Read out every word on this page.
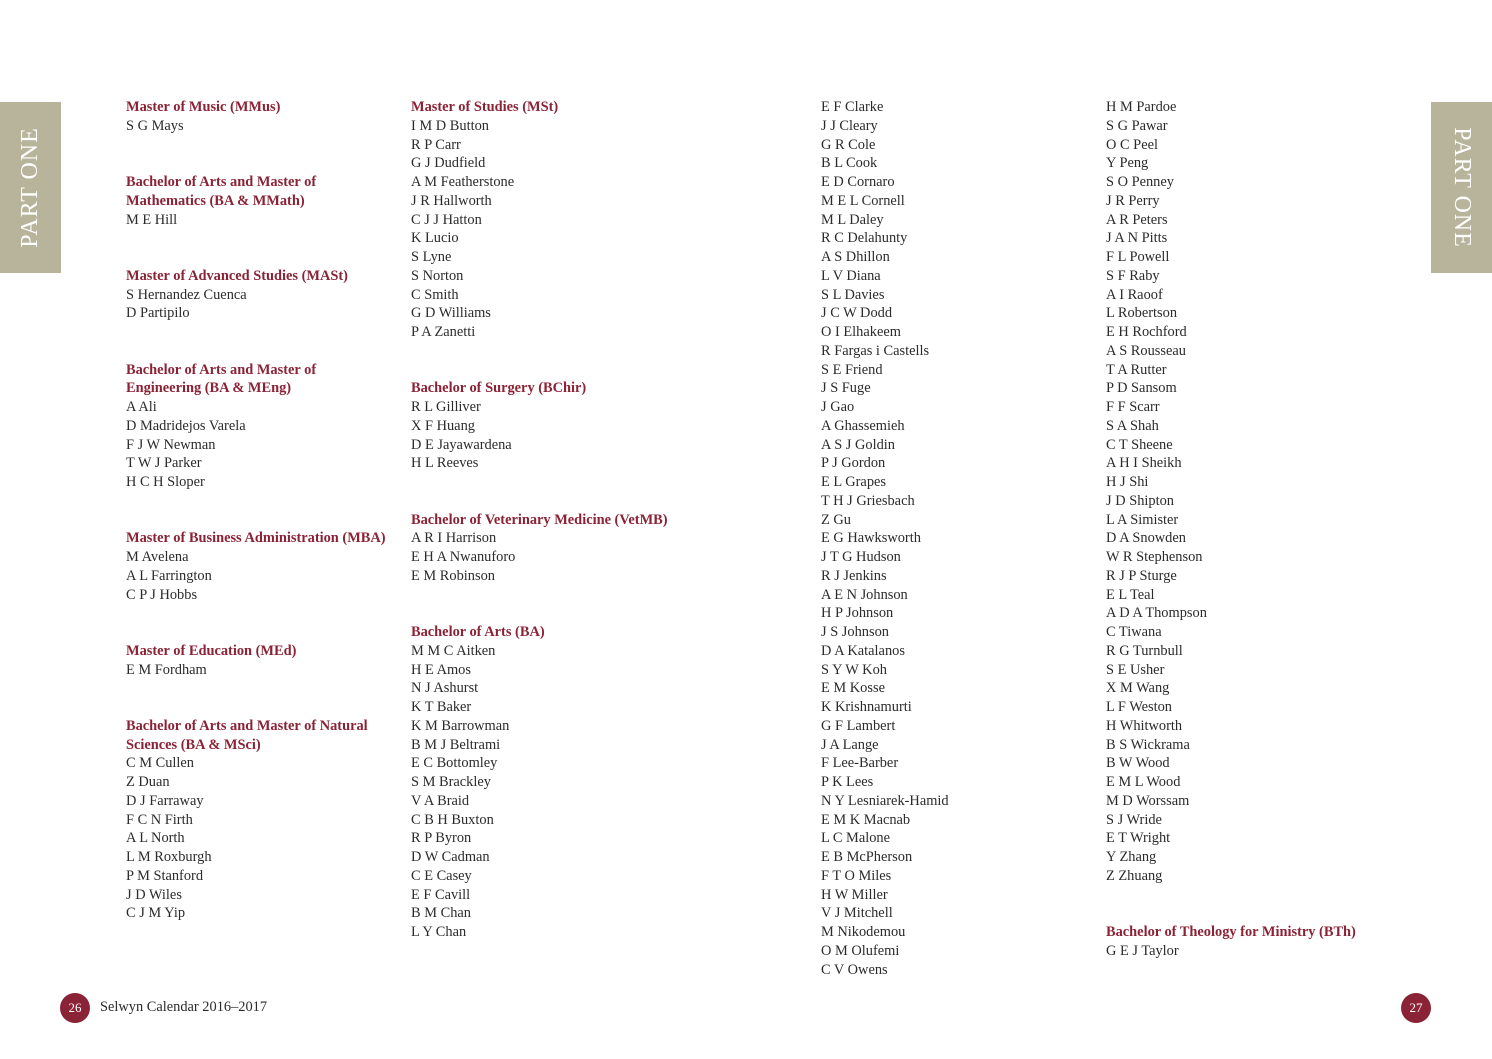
PART ONE	PART ONE
Master of Music (MMus)
S G Mays
Bachelor of Arts and Master of Mathematics (BA & MMath)
M E Hill
Master of Advanced Studies (MASt)
S Hernandez Cuenca
D Partipilo
Bachelor of Arts and Master of Engineering (BA & MEng)
A Ali
D Madridejos Varela
F J W Newman
T W J Parker
H C H Sloper
Master of Business Administration (MBA)
M Avelena
A L Farrington
C P J Hobbs
Master of Education (MEd)
E M Fordham
Bachelor of Arts and Master of Natural Sciences (BA & MSci)
C M Cullen
Z Duan
D J Farraway
F C N Firth
A L North
L M Roxburgh
P M Stanford
J D Wiles
C J M Yip
Master of Studies (MSt)
I M D Button
R P Carr
G J Dudfield
A M Featherstone
J R Hallworth
C J J Hatton
K Lucio
S Lyne
S Norton
C Smith
G D Williams
P A Zanetti
Bachelor of Surgery (BChir)
R L Gilliver
X F Huang
D E Jayawardena
H L Reeves
Bachelor of Veterinary Medicine (VetMB)
A R I Harrison
E H A Nwanuforo
E M Robinson
Bachelor of Arts (BA)
M M C Aitken
H E Amos
N J Ashurst
K T Baker
K M Barrowman
B M J Beltrami
E C Bottomley
S M Brackley
V A Braid
C B H Buxton
R P Byron
D W Cadman
C E Casey
E F Cavill
B M Chan
L Y Chan
E F Clarke
J J Cleary
G R Cole
B L Cook
E D Cornaro
M E L Cornell
M L Daley
R C Delahunty
A S Dhillon
L V Diana
S L Davies
J C W Dodd
O I Elhakeem
R Fargas i Castells
S E Friend
J S Fuge
J Gao
A Ghassemieh
A S J Goldin
P J Gordon
E L Grapes
T H J Griesbach
Z Gu
E G Hawksworth
J T G Hudson
R J Jenkins
A E N Johnson
H P Johnson
J S Johnson
D A Katalanos
S Y W Koh
E M Kosse
K Krishnamurti
G F Lambert
J A Lange
F Lee-Barber
P K Lees
N Y Lesniarek-Hamid
E M K Macnab
L C Malone
E B McPherson
F T O Miles
H W Miller
V J Mitchell
M Nikodemou
O M Olufemi
C V Owens
H M Pardoe
S G Pawar
O C Peel
Y Peng
S O Penney
J R Perry
A R Peters
J A N Pitts
F L Powell
S F Raby
A I Raoof
L Robertson
E H Rochford
A S Rousseau
T A Rutter
P D Sansom
F F Scarr
S A Shah
C T Sheene
A H I Sheikh
H J Shi
J D Shipton
L A Simister
D A Snowden
W R Stephenson
R J P Sturge
E L Teal
A D A Thompson
C Tiwana
R G Turnbull
S E Usher
X M Wang
L F Weston
H Whitworth
B S Wickrama
B W Wood
E M L Wood
M D Worssam
S J Wride
E T Wright
Y Zhang
Z Zhuang
Bachelor of Theology for Ministry (BTh)
G E J Taylor
26	Selwyn Calendar 2016–2017	27
